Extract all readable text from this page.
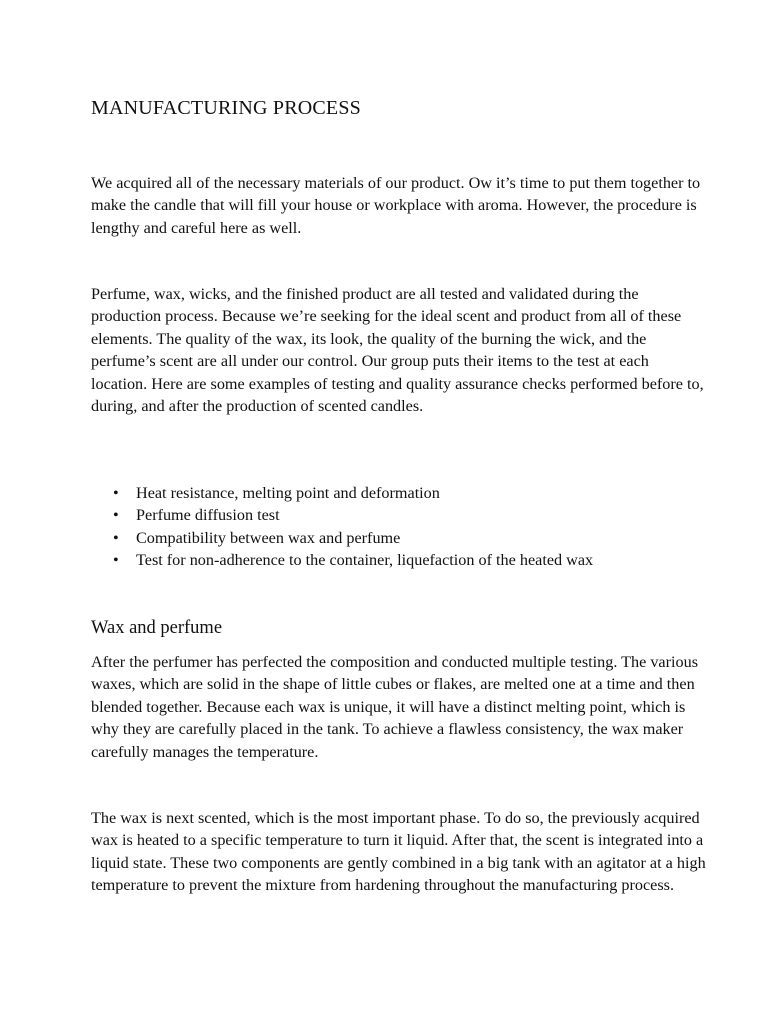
MANUFACTURING PROCESS

We acquired all of the necessary materials of our product. Ow it’s time to put them together to make the candle that will fill your house or workplace with aroma. However, the procedure is lengthy and careful here as well.

Perfume, wax, wicks, and the finished product are all tested and validated during the production process. Because we’re seeking for the ideal scent and product from all of these elements. The quality of the wax, its look, the quality of the burning the wick, and the perfume’s scent are all under our control. Our group puts their items to the test at each location. Here are some examples of testing and quality assurance checks performed before to, during, and after the production of scented candles.

• Heat resistance, melting point and deformation
• Perfume diffusion test
• Compatibility between wax and perfume
• Test for non-adherence to the container, liquefaction of the heated wax
Wax and perfume

After the perfumer has perfected the composition and conducted multiple testing. The various waxes, which are solid in the shape of little cubes or flakes, are melted one at a time and then blended together. Because each wax is unique, it will have a distinct melting point, which is why they are carefully placed in the tank. To achieve a flawless consistency, the wax maker carefully manages the temperature.

The wax is next scented, which is the most important phase. To do so, the previously acquired wax is heated to a specific temperature to turn it liquid. After that, the scent is integrated into a liquid state. These two components are gently combined in a big tank with an agitator at a high temperature to prevent the mixture from hardening throughout the manufacturing process.
